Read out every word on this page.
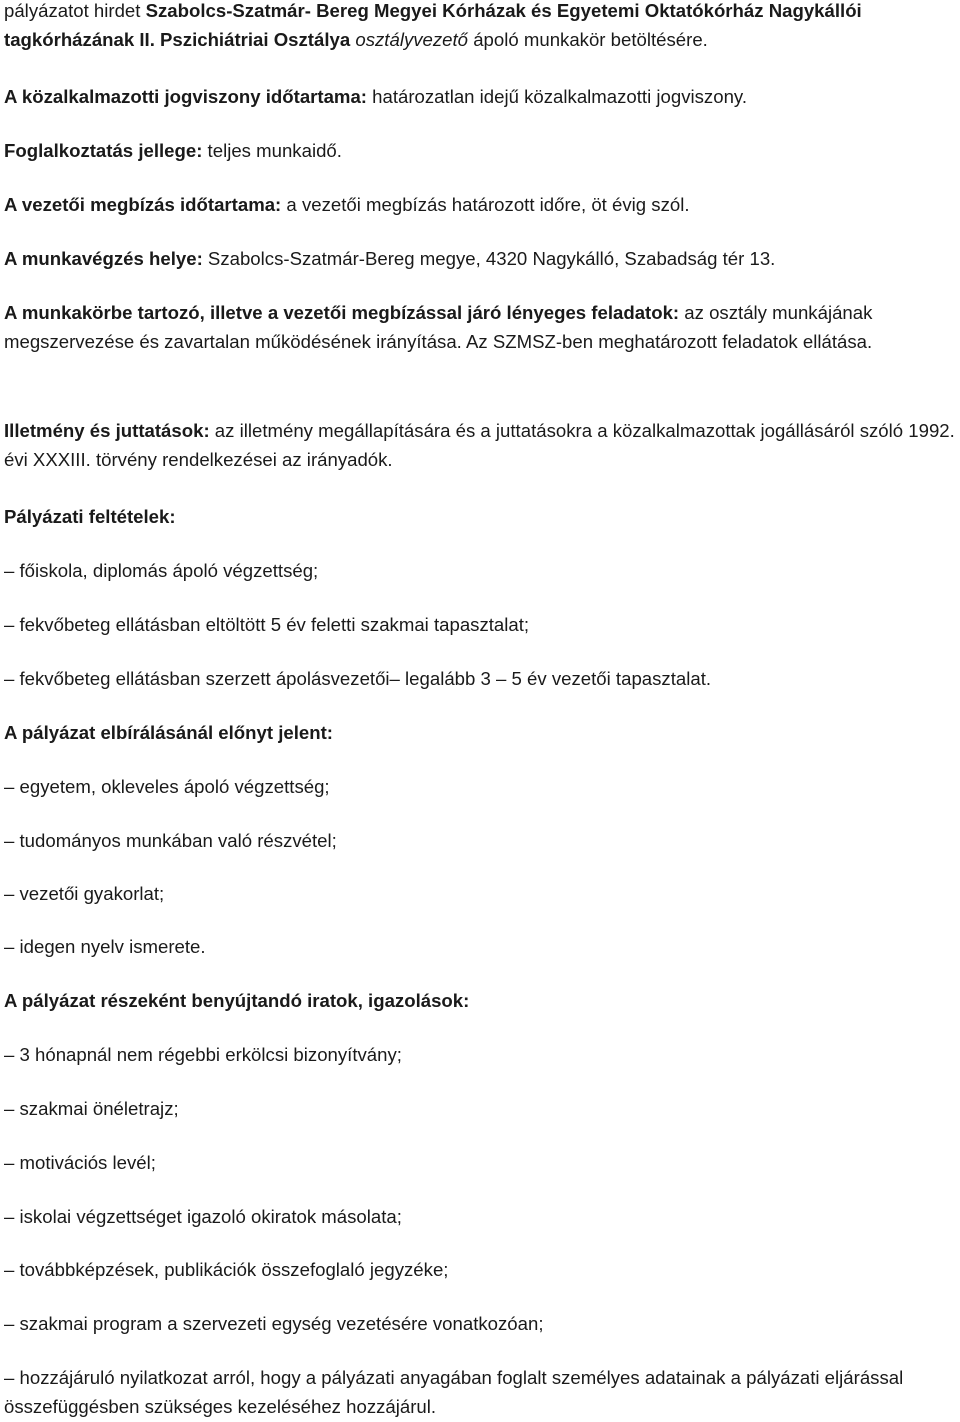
pályázatot hirdet Szabolcs-Szatmár- Bereg Megyei Kórházak és Egyetemi Oktatókórház Nagykállói tagkórházának II. Pszichiátriai Osztálya osztályvezető ápoló munkakör betöltésére.
A közalkalmazotti jogviszony időtartama: határozatlan idejű közalkalmazotti jogviszony.
Foglalkoztatás jellege: teljes munkaidő.
A vezetői megbízás időtartama: a vezetői megbízás határozott időre, öt évig szól.
A munkavégzés helye: Szabolcs-Szatmár-Bereg megye, 4320 Nagykálló, Szabadság tér 13.
A munkakörbe tartozó, illetve a vezetői megbízással járó lényeges feladatok: az osztály munkájának megszervezése és zavartalan működésének irányítása. Az SZMSZ-ben meghatározott feladatok ellátása.
Illetmény és juttatások: az illetmény megállapítására és a juttatásokra a közalkalmazottak jogállásáról szóló 1992. évi XXXIII. törvény rendelkezései az irányadók.
Pályázati feltételek:
– főiskola, diplomás ápoló végzettség;
– fekvőbeteg ellátásban eltöltött 5 év feletti szakmai tapasztalat;
– fekvőbeteg ellátásban szerzett ápolásvezetői– legalább 3 – 5 év vezetői tapasztalat.
A pályázat elbírálásánál előnyt jelent:
– egyetem, okleveles ápoló végzettség;
– tudományos munkában való részvétel;
– vezetői gyakorlat;
– idegen nyelv ismerete.
A pályázat részeként benyújtandó iratok, igazolások:
– 3 hónapnál nem régebbi erkölcsi bizonyítvány;
– szakmai önéletrajz;
– motivációs levél;
– iskolai végzettséget igazoló okiratok másolata;
– továbbképzések, publikációk összefoglaló jegyzéke;
– szakmai program a szervezeti egység vezetésére vonatkozóan;
– hozzájáruló nyilatkozat arról, hogy a pályázati anyagában foglalt személyes adatainak a pályázati eljárással összefüggésben szükséges kezeléséhez hozzájárul.
